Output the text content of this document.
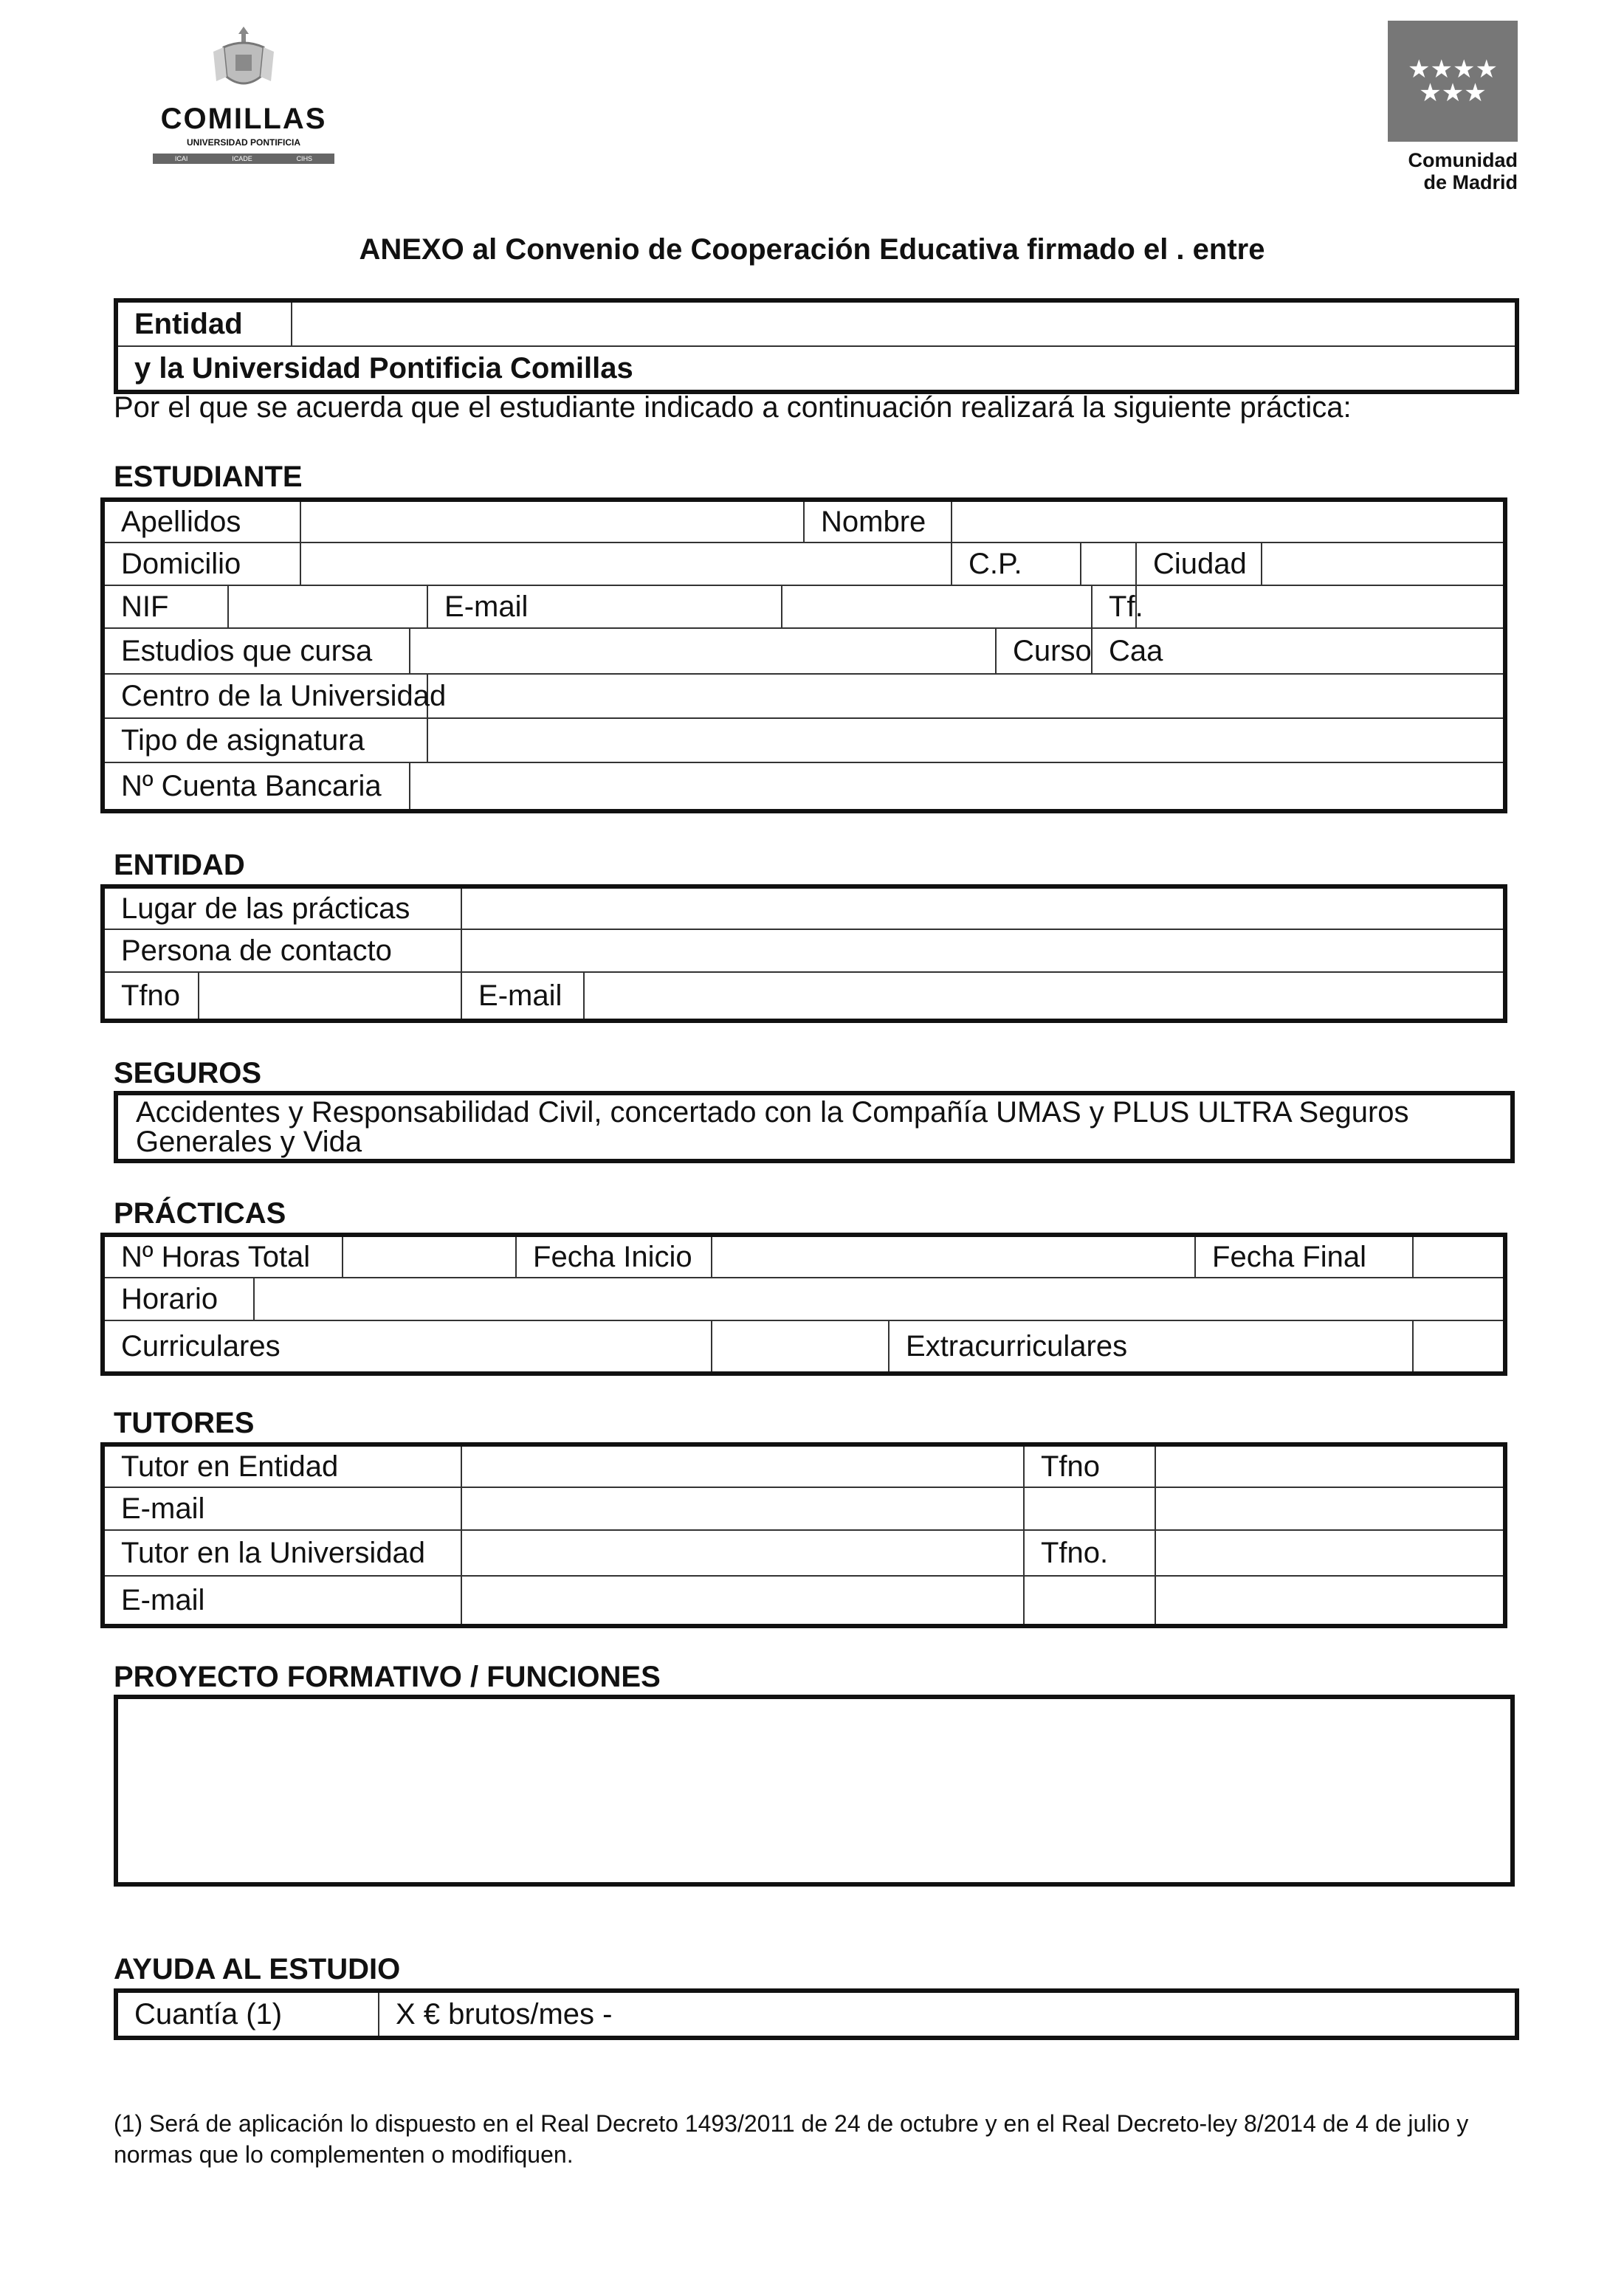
COMILLAS
UNIVERSIDAD PONTIFICIA
ICAI	ICADE	CIHS
★★★★
★★★
Comunidad
de Madrid
ANEXO al Convenio de Cooperación Educativa firmado el . entre
Entidad	
y la Universidad Pontificia Comillas
Por el que se acuerda que el estudiante indicado a continuación realizará la siguiente práctica:
ESTUDIANTE
Apellidos						Nombre						
Domicilio							C.P.				Ciudad	
NIF				E-mail						Tf.		
Estudios que cursa								Curso		Caa		
Centro de la Universidad												
Tipo de asignatura												
Nº Cuenta Bancaria												
ENTIDAD
Lugar de las prácticas			
Persona de contacto			
Tfno		E-mail	
SEGUROS
Accidentes y Responsabilidad Civil, concertado con la Compañía UMAS y PLUS ULTRA Seguros Generales y Vida
PRÁCTICAS
Nº Horas Total			Fecha Inicio			Fecha Final	
Horario							
Curriculares					Extracurriculares		
TUTORES
Tutor en Entidad		Tfno	
E-mail			
Tutor en la Universidad		Tfno.	
E-mail			
PROYECTO FORMATIVO / FUNCIONES
AYUDA AL ESTUDIO
Cuantía (1)	X € brutos/mes -
(1) Será de aplicación lo dispuesto en el Real Decreto 1493/2011 de 24 de octubre y en el Real Decreto-ley 8/2014 de 4 de julio y normas que lo complementen o modifiquen.
